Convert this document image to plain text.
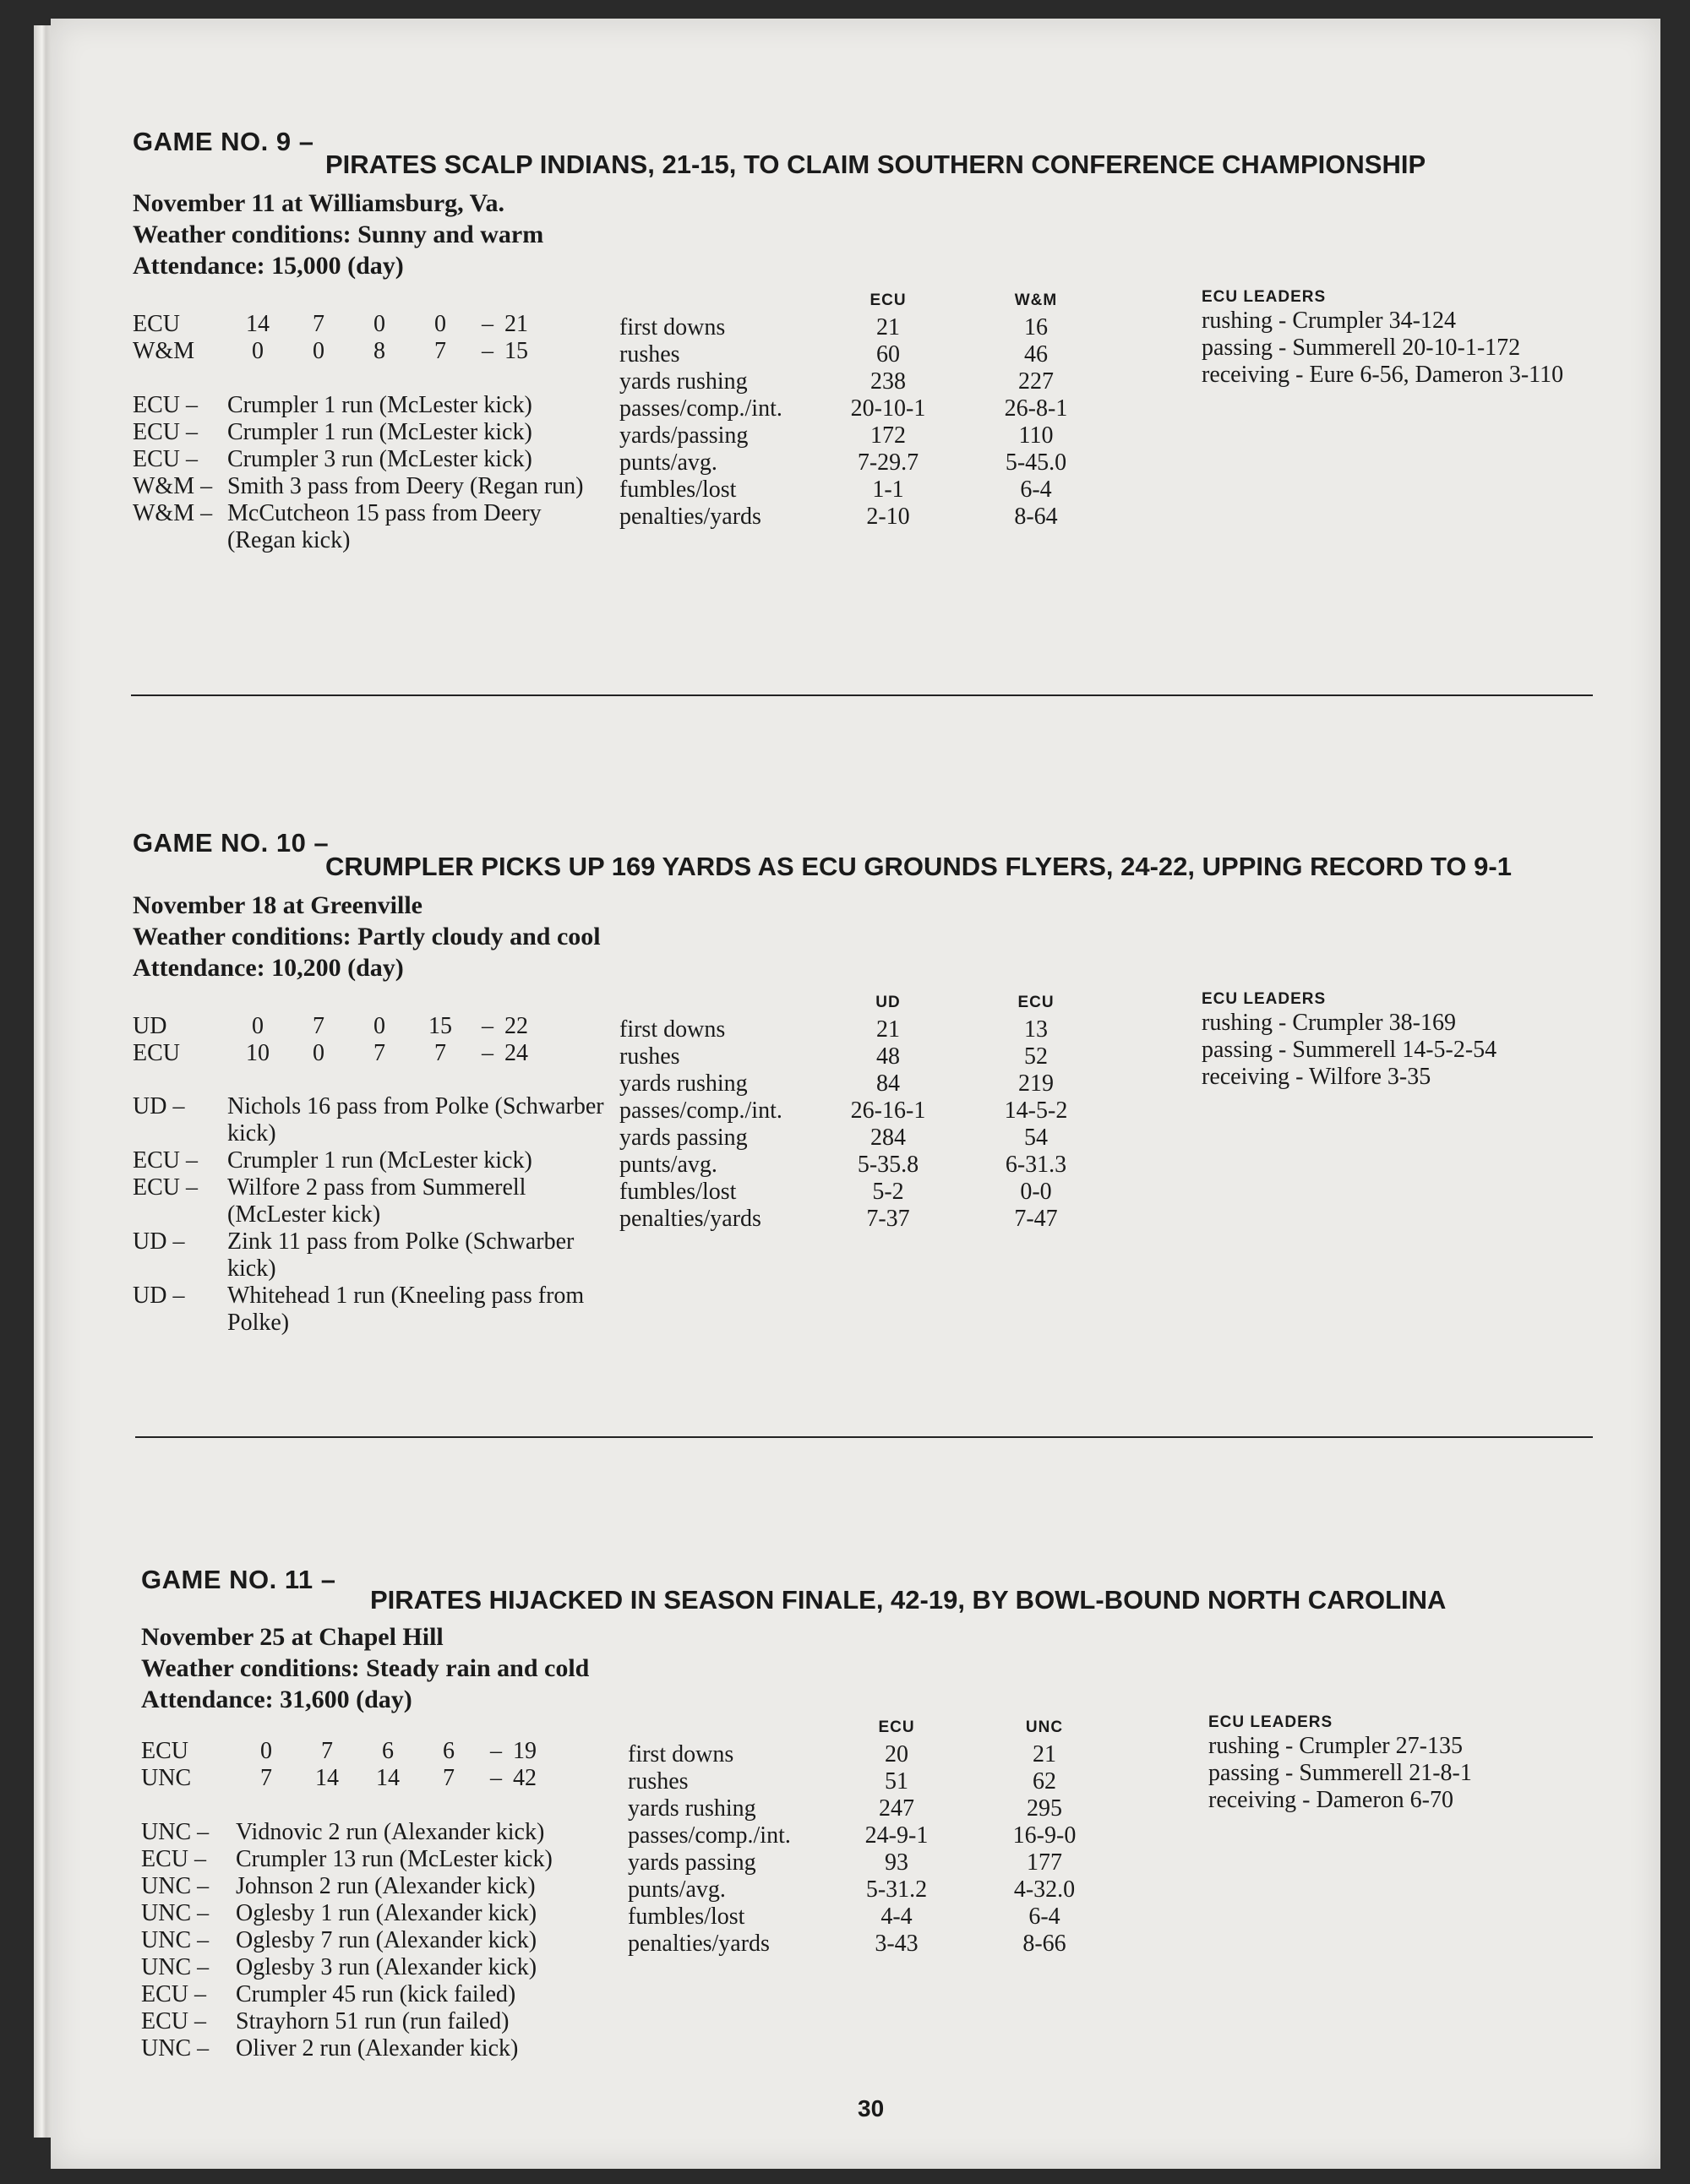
GAME NO. 9 –
PIRATES SCALP INDIANS, 21-15, TO CLAIM SOUTHERN CONFERENCE CHAMPIONSHIP
November 11 at Williamsburg, Va.
Weather conditions: Sunny and warm
Attendance: 15,000 (day)
ECU	14	7	0	0	–	21
W&M	0	0	8	7	–	15
ECU –	Crumpler 1 run (McLester kick)
ECU –	Crumpler 1 run (McLester kick)
ECU –	Crumpler 3 run (McLester kick)
W&M – Smith 3 pass from Deery (Regan run)
W&M – McCutcheon 15 pass from Deery (Regan kick)
	ECU	W&M
first downs	21	16
rushes	60	46
yards rushing	238	227
passes/comp./int.	20-10-1	26-8-1
yards/passing	172	110
punts/avg.	7-29.7	5-45.0
fumbles/lost	1-1	6-4
penalties/yards	2-10	8-64
ECU LEADERS
rushing - Crumpler 34-124
passing - Summerell 20-10-1-172
receiving - Eure 6-56, Dameron 3-110
GAME NO. 10 –
CRUMPLER PICKS UP 169 YARDS AS ECU GROUNDS FLYERS, 24-22, UPPING RECORD TO 9-1
November 18 at Greenville
Weather conditions: Partly cloudy and cool
Attendance: 10,200 (day)
UD	0	7	0	15	–	22
ECU	10	0	7	7	–	24
UD –	Nichols 16 pass from Polke (Schwarber kick)
ECU –	Crumpler 1 run (McLester kick)
ECU –	Wilfore 2 pass from Summerell (McLester kick)
UD –	Zink 11 pass from Polke (Schwarber kick)
UD –	Whitehead 1 run (Kneeling pass from Polke)
	UD	ECU
first downs	21	13
rushes	48	52
yards rushing	84	219
passes/comp./int.	26-16-1	14-5-2
yards passing	284	54
punts/avg.	5-35.8	6-31.3
fumbles/lost	5-2	0-0
penalties/yards	7-37	7-47
ECU LEADERS
rushing - Crumpler 38-169
passing - Summerell 14-5-2-54
receiving - Wilfore 3-35
GAME NO. 11 –
PIRATES HIJACKED IN SEASON FINALE, 42-19, BY BOWL-BOUND NORTH CAROLINA
November 25 at Chapel Hill
Weather conditions: Steady rain and cold
Attendance: 31,600 (day)
ECU	0	7	6	6	–	19
UNC	7	14	14	7	–	42
UNC –	Vidnovic 2 run (Alexander kick)
ECU –	Crumpler 13 run (McLester kick)
UNC –	Johnson 2 run (Alexander kick)
UNC –	Oglesby 1 run (Alexander kick)
UNC –	Oglesby 7 run (Alexander kick)
UNC –	Oglesby 3 run (Alexander kick)
ECU –	Crumpler 45 run (kick failed)
ECU –	Strayhorn 51 run (run failed)
UNC –	Oliver 2 run (Alexander kick)
	ECU	UNC
first downs	20	21
rushes	51	62
yards rushing	247	295
passes/comp./int.	24-9-1	16-9-0
yards passing	93	177
punts/avg.	5-31.2	4-32.0
fumbles/lost	4-4	6-4
penalties/yards	3-43	8-66
ECU LEADERS
rushing - Crumpler 27-135
passing - Summerell 21-8-1
receiving - Dameron 6-70
30
